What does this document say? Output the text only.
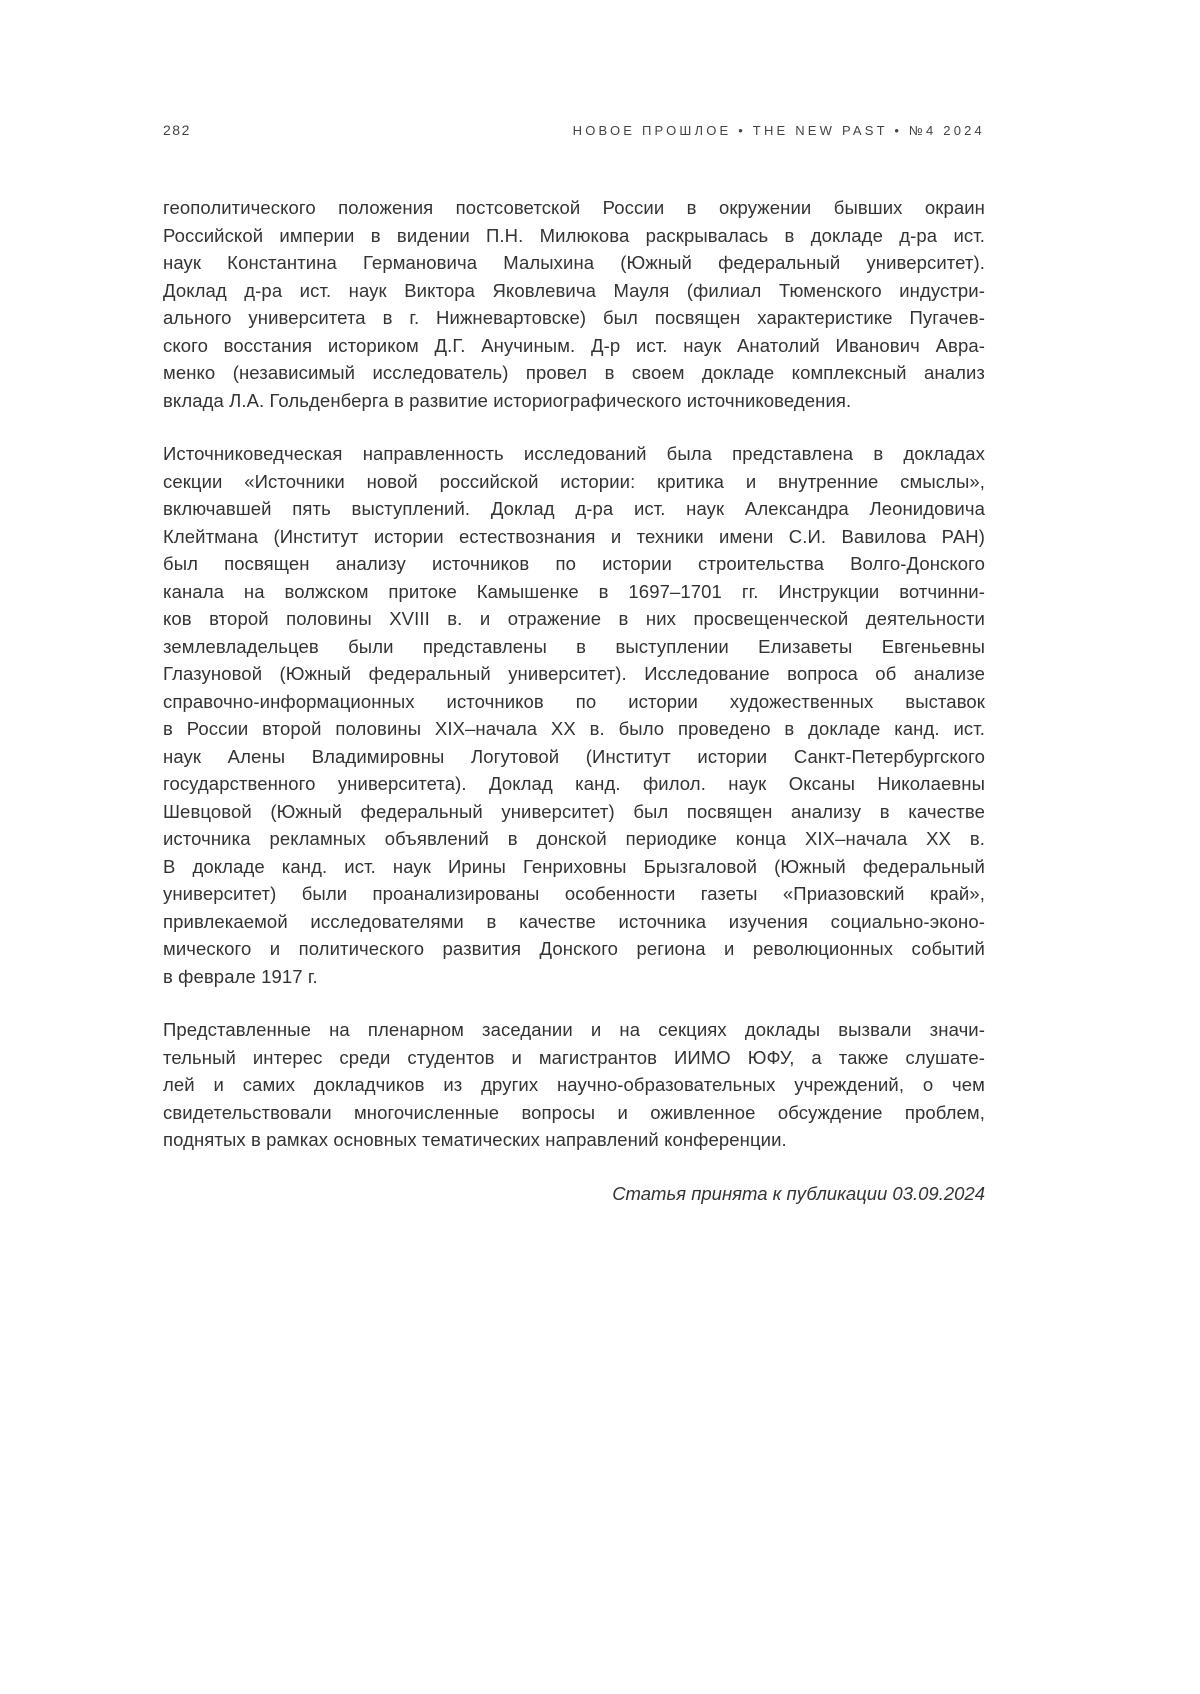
282	НОВОЕ ПРОШЛОЕ • THE NEW PAST • №4 2024
геополитического положения постсоветской России в окружении бывших окраин
Российской империи в видении П.Н. Милюкова раскрывалась в докладе д-ра ист.
наук Константина Германовича Малыхина (Южный федеральный университет).
Доклад д-ра ист. наук Виктора Яковлевича Мауля (филиал Тюменского индустри-
ального университета в г. Нижневартовске) был посвящен характеристике Пугачев-
ского восстания историком Д.Г. Анучиным. Д-р ист. наук Анатолий Иванович Авра-
менко (независимый исследователь) провел в своем докладе комплексный анализ
вклада Л.А. Гольденберга в развитие историографического источниковедения.
Источниковедческая направленность исследований была представлена в докладах
секции «Источники новой российской истории: критика и внутренние смыслы»,
включавшей пять выступлений. Доклад д-ра ист. наук Александра Леонидовича
Клейтмана (Институт истории естествознания и техники имени С.И. Вавилова РАН)
был посвящен анализу источников по истории строительства Волго-Донского
канала на волжском притоке Камышенке в 1697–1701 гг. Инструкции вотчинни-
ков второй половины XVIII в. и отражение в них просвещенческой деятельности
землевладельцев были представлены в выступлении Елизаветы Евгеньевны
Глазуновой (Южный федеральный университет). Исследование вопроса об анализе
справочно-информационных источников по истории художественных выставок
в России второй половины XIX–начала XX в. было проведено в докладе канд. ист.
наук Алены Владимировны Логутовой (Институт истории Санкт-Петербургского
государственного университета). Доклад канд. филол. наук Оксаны Николаевны
Шевцовой (Южный федеральный университет) был посвящен анализу в качестве
источника рекламных объявлений в донской периодике конца XIX–начала XX в.
В докладе канд. ист. наук Ирины Генриховны Брызгаловой (Южный федеральный
университет) были проанализированы особенности газеты «Приазовский край»,
привлекаемой исследователями в качестве источника изучения социально-эконо-
мического и политического развития Донского региона и революционных событий
в феврале 1917 г.
Представленные на пленарном заседании и на секциях доклады вызвали значи-
тельный интерес среди студентов и магистрантов ИИМО ЮФУ, а также слушате-
лей и самих докладчиков из других научно-образовательных учреждений, о чем
свидетельствовали многочисленные вопросы и оживленное обсуждение проблем,
поднятых в рамках основных тематических направлений конференции.
Статья принята к публикации 03.09.2024
